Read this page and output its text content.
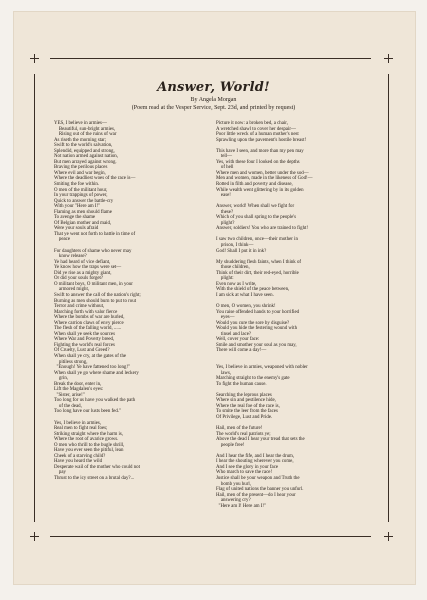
Answer, World!
By Angela Morgan
(Poem read at the Vesper Service, Sept. 23d, and printed by request)
YES, I believe in armies—
Beautiful, sun-bright armies,
Rising out of the ruins of war
As riseth the morning star;
Swift to the world's salvation,
Splendid, equipped and strong,
Not nation armed against nation,
But men arrayed against wrong.
Braving the perilous places
Where evil and war begin,
Where the deadliest woes of the race is—
Smiting the foe within.
O men of the militant hour,
In your trappings of power,
Quick to answer the battle-cry
With your "Here am I!"
Flaming as men should flame
To avenge the shame
Of Belgian mother and maid,
Were your souls afraid
That ye went not forth to battle in time of
peace

For daughters of shame who never may
know release?
Ye had heard of vice defiant,
Ye know how the traps were set—
Did ye rise as a mighty giant,
Or did your souls forget?
O militant boys, O militant men, in your
armored might,
Swift to answer the call of the nation's right;
Burning as men should burn to put to rout
Terror and crime without,
Marching forth with valor fierce
Where the bombs of war are hurled,
Where carrion claws of envy pierce
The flesh of the falling world, ......
When shall ye seek the sources
Where War and Poverty breed,
Fighting the world's real forces
Of Cruelty, Lust and Greed?
When shall ye cry, at the gates of the
pitiless strong,
"Enough! Ye have fattened too long!"
When shall ye go where shame and leckery
grin,
Break the door, enter in,
Lift the Magdalen's eyes:
"Sister, arise!"
Too long for us have you walked the path
of the dead,
Too long have our lusts been fed."

Yes, I believe in armies,
Real men to fight real foes;
Striking straight where the harm is,
Where the root of avarice grows.
O men who thrill to the bugle shrill,
Have you ever seen the pitiful, lean
Cheek of a starving child?
Have you heard the wild
Desperate wail of the mother who could not
pay
Thrust to the icy street on a brutal day?...
Picture it now: a broken bed, a chair,
A wretched shawl to cover her despair—
Poor little wreck of a human mother's nest
Sprawling upon the pavement's hostile breast!

This have I seen, and more than my pen may
tell—
Yes, with these four I looked on the depths
of hell
Where men and women, better under the sod—
Men and women, made in the likeness of God!—
Rotted in filth and poverty and disease,
While wealth went glittering by in its golden
ease!

Answer, world! When shall we fight for
these?
Which of you shall spring to the people's
plight?
Answer, soldiers! You who are trained to fight!

I saw two children, once—their mother in
prison, I think—
God! Shall I put it in ink?

My shuddering flesh faints, when I think of
those children,
Think of their dirt, their red-eyed, horrible
plight:
Even now as I write,
With the shield of the peace between,
I am sick at what I have seen.

O men, O women, you shrink!
You raise offended hands to your horrified
eyes—
Would you cure the sore by disguise?
Would you hide the festering wound with
tinsel and lace?
Well, cover your face:
Smile and smother your soul as you may,
There will come a day!—

Yes, I believe in armies, weaponed with nobler
laws,
Marching straight to the enemy's gate
To fight the human cause.

Searching the leprous places
Where sin and pestilence hide,
Where the real foe of the race is,
To smite the leer from the faces
Of Privilege, Lust and Pride.

Hail, men of the future!
The world's real patriots ye;
Above the dead I hear your tread that sets the
people free!

And I hear the fife, and I hear the drum,
I hear the shouting wherever you come,
And I see the glory in your face
Who march to save the race!
Justice shall be your weapon and Truth the
bomb you hurl,
Flag of united nations the banner you unfurl.
Hail, men of the present—do I hear your
answering cry?
"Here am I! Here am I!"
